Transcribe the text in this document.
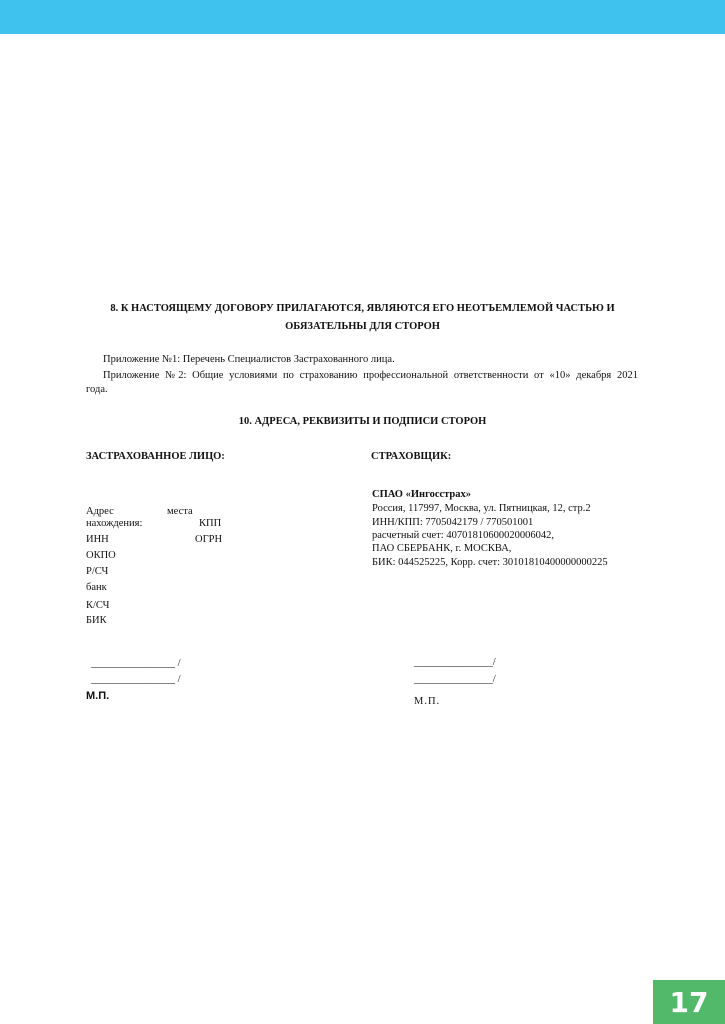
8. К НАСТОЯЩЕМУ ДОГОВОРУ ПРИЛАГАЮТСЯ, ЯВЛЯЮТСЯ ЕГО НЕОТЪЕМЛЕМОЙ ЧАСТЬЮ И
ОБЯЗАТЕЛЬНЫ ДЛЯ СТОРОН
Приложение №1: Перечень Специалистов Застрахованного лица.
Приложение №2: Общие условиями по страхованию профессиональной ответственности от «10» декабря 2021
года.
10. АДРЕСА, РЕКВИЗИТЫ И ПОДПИСИ СТОРОН
ЗАСТРАХОВАННОЕ ЛИЦО:
Адрес	места
нахождения:	КПП
ИНН	ОГРН
ОКПО
Р/СЧ
банк
К/СЧ
БИК
________________ /
________________ /
М.П.
СТРАХОВЩИК:
СПАО «Ингосстрах»
Россия, 117997, Москва, ул. Пятницкая, 12, стр.2
ИНН/КПП: 7705042179 / 770501001
расчетный счет: 40701810600020006042,
ПАО СБЕРБАНК, г. МОСКВА,
БИК: 044525225, Корр. счет: 30101810400000000225
_______________/
_______________/
М.П.
17
